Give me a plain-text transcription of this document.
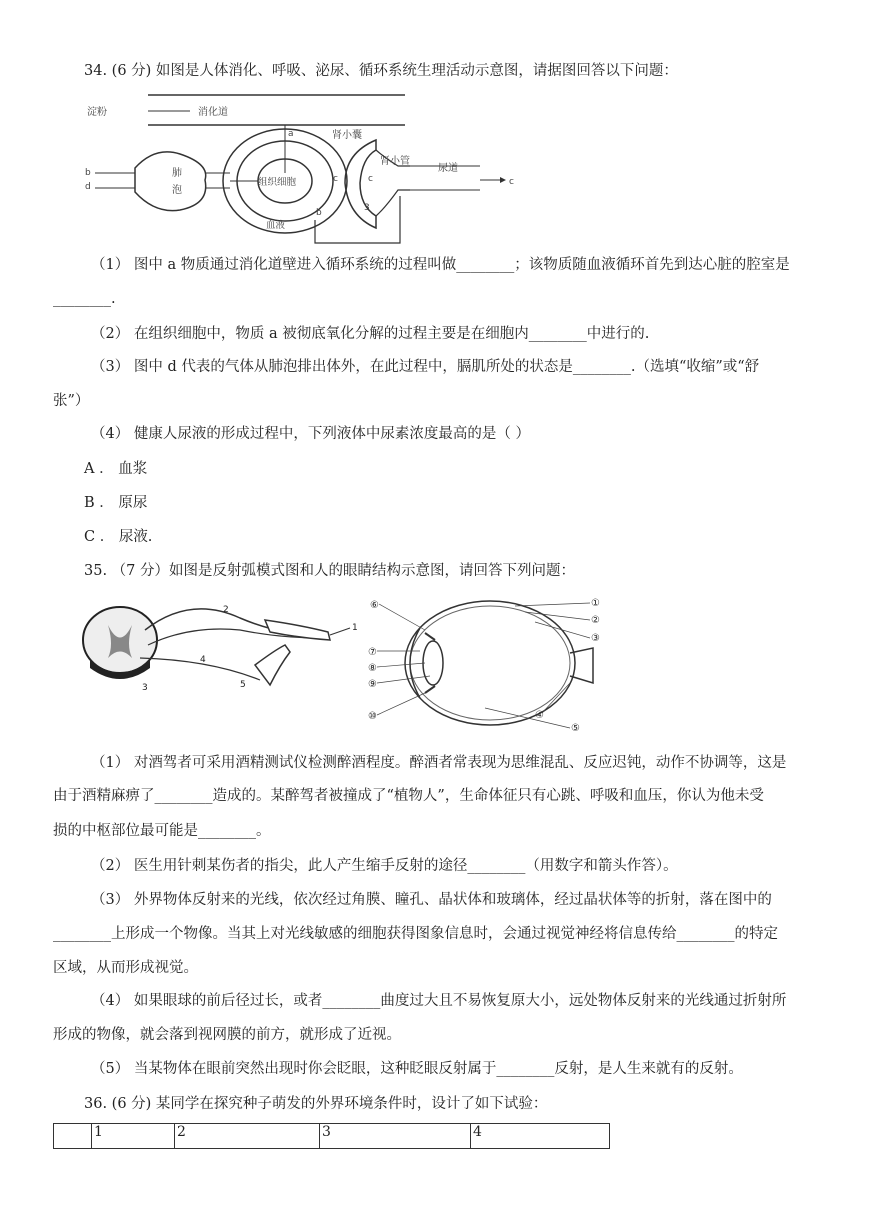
34. (6 分) 如图是人体消化、呼吸、泌尿、循环系统生理活动示意图，请据图回答以下问题：
淀粉	消化道
a
b
d
肺
泡
组织细胞	c
肾小囊
肾小管
c
尿道
c
血液
b	3
（1） 图中 a 物质通过消化道壁进入循环系统的过程叫做________；该物质随血液循环首先到达心脏的腔室是
________.
（2） 在组织细胞中，物质 a 被彻底氧化分解的过程主要是在细胞内________中进行的.
（3） 图中 d 代表的气体从肺泡排出体外，在此过程中，膈肌所处的状态是________.（选填“收缩”或“舒
张”）
（4） 健康人尿液的形成过程中，下列液体中尿素浓度最高的是（ ）
A ． 血浆
B ． 原尿
C ． 尿液.
35. （7 分）如图是反射弧模式图和人的眼睛结构示意图，请回答下列问题：
1
2
3
4
5
⑥	①
②
③
⑦
⑧
⑨
⑩	④
⑤
（1） 对酒驾者可采用酒精测试仪检测醉酒程度。醉酒者常表现为思维混乱、反应迟钝，动作不协调等，这是
由于酒精麻痹了________造成的。某醉驾者被撞成了“植物人”，生命体征只有心跳、呼吸和血压，你认为他未受
损的中枢部位最可能是________。
（2） 医生用针刺某伤者的指尖，此人产生缩手反射的途径________（用数字和箭头作答）。
（3） 外界物体反射来的光线，依次经过角膜、瞳孔、晶状体和玻璃体，经过晶状体等的折射，落在图中的
________上形成一个物像。当其上对光线敏感的细胞获得图象信息时，会通过视觉神经将信息传给________的特定
区域，从而形成视觉。
（4） 如果眼球的前后径过长，或者________曲度过大且不易恢复原大小，远处物体反射来的光线通过折射所
形成的物像，就会落到视网膜的前方，就形成了近视。
（5） 当某物体在眼前突然出现时你会眨眼，这种眨眼反射属于________反射，是人生来就有的反射。
36. (6 分) 某同学在探究种子萌发的外界环境条件时，设计了如下试验：
	1	2	3	4
